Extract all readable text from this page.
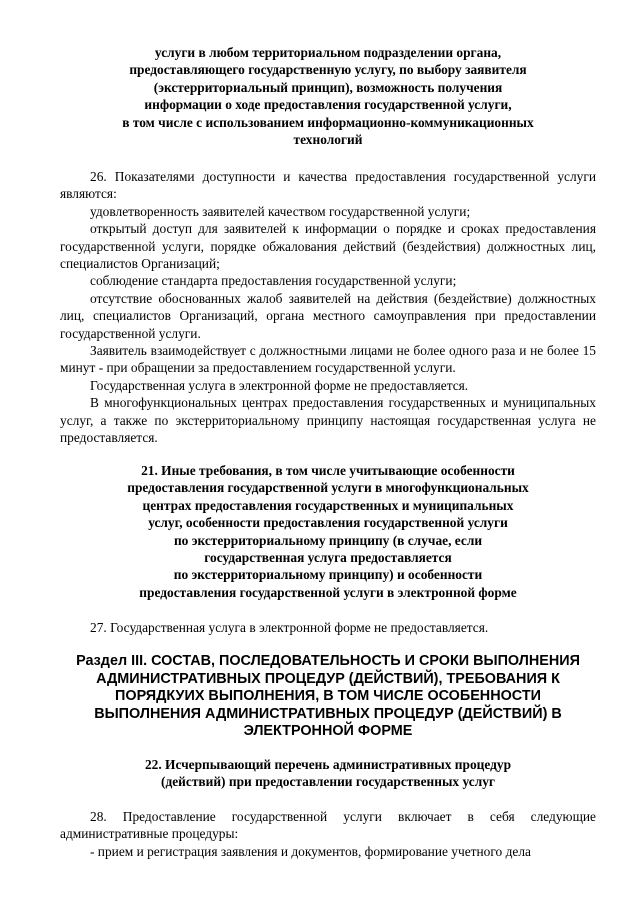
услуги в любом территориальном подразделении органа,
предоставляющего государственную услугу, по выбору заявителя
(экстерриториальный принцип), возможность получения
информации о ходе предоставления государственной услуги,
в том числе с использованием информационно-коммуникационных
технологий

26. Показателями доступности и качества предоставления государственной услуги являются:

удовлетворенность заявителей качеством государственной услуги;

открытый доступ для заявителей к информации о порядке и сроках предоставления государственной услуги, порядке обжалования действий (бездействия) должностных лиц, специалистов Организаций;

соблюдение стандарта предоставления государственной услуги;

отсутствие обоснованных жалоб заявителей на действия (бездействие) должностных лиц, специалистов Организаций, органа местного самоуправления при предоставлении государственной услуги.

Заявитель взаимодействует с должностными лицами не более одного раза и не более 15 минут - при обращении за предоставлением государственной услуги.

Государственная услуга в электронной форме не предоставляется.

В многофункциональных центрах предоставления государственных и муниципальных услуг, а также по экстерриториальному принципу настоящая государственная услуга не предоставляется.

21. Иные требования, в том числе учитывающие особенности
предоставления государственной услуги в многофункциональных
центрах предоставления государственных и муниципальных
услуг, особенности предоставления государственной услуги
по экстерриториальному принципу (в случае, если
государственная услуга предоставляется
по экстерриториальному принципу) и особенности
предоставления государственной услуги в электронной форме

27. Государственная услуга в электронной форме не предоставляется.

Раздел III. СОСТАВ, ПОСЛЕДОВАТЕЛЬНОСТЬ И СРОКИ ВЫПОЛНЕНИЯ
АДМИНИСТРАТИВНЫХ ПРОЦЕДУР (ДЕЙСТВИЙ), ТРЕБОВАНИЯ К
ПОРЯДКУИХ ВЫПОЛНЕНИЯ, В ТОМ ЧИСЛЕ ОСОБЕННОСТИ
ВЫПОЛНЕНИЯ АДМИНИСТРАТИВНЫХ ПРОЦЕДУР (ДЕЙСТВИЙ) В
ЭЛЕКТРОННОЙ ФОРМЕ
22. Исчерпывающий перечень административных процедур
(действий) при предоставлении государственных услуг

28. Предоставление государственной услуги включает в себя следующие административные процедуры:

- прием и регистрация заявления и документов, формирование учетного дела
